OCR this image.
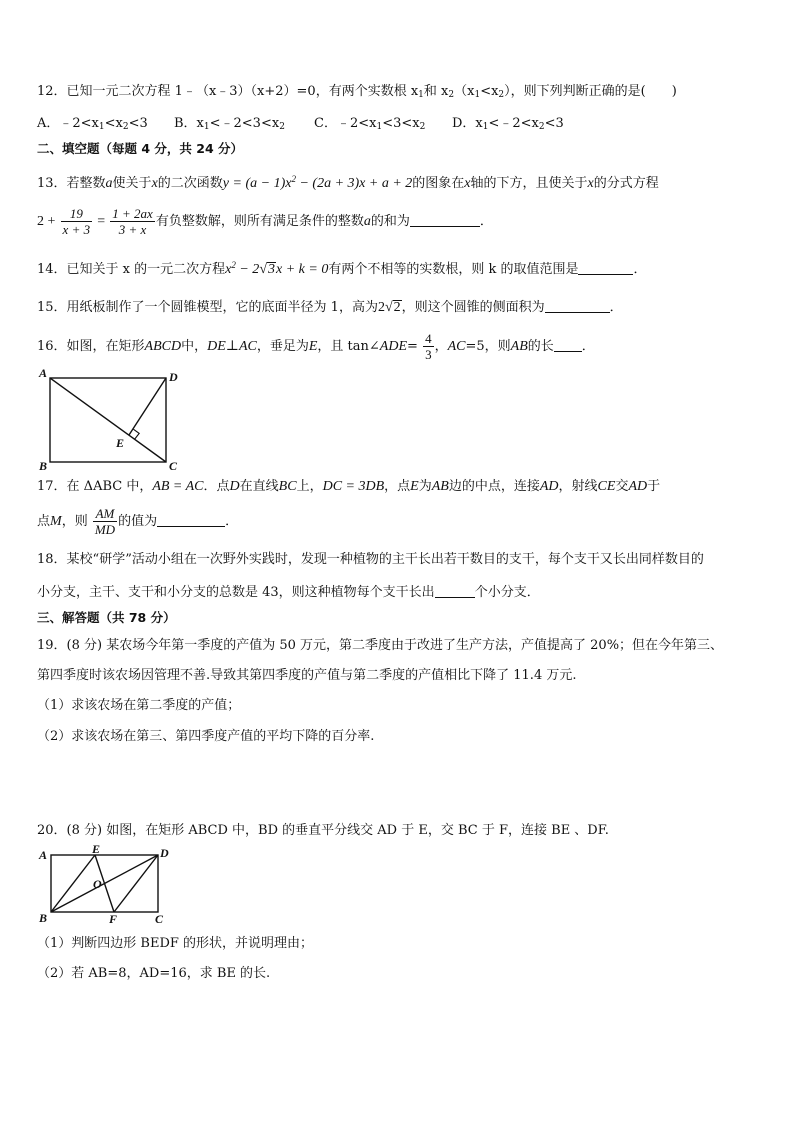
12．已知一元二次方程 1﹣（x﹣3）（x+2）=0，有两个实数根 $x_1$和 $x_2(x_1<x_2)$，则下列判断正确的是(　　)
A．$﹣2<x_1<x_2<3$ B．$x_1<﹣2<3<x_2$ C．$﹣2<x_1<3<x_2$ D．$x_1<﹣2<x_2<3$
二、填空题（每题 4 分，共 24 分）
13．若整数a使关于x的二次函数$y = (a - 1)x^2 - (2a + 3)x + a + 2$的图象在x轴的下方，且使关于x的分式方程
$2 + \frac{19}{x + 3} = \frac{1 + 2ax}{3 + x}$ 有负整数解，则所有满足条件的整数a的和为	．
14．已知关于 x 的一元二次方程$x^2 - 2√3x + k = 0$有两个不相等的实数根，则 k 的取值范围是	．
15．用纸板制作了一个圆锥模型，它的底面半径为 1，高为2√2，则这个圆锥的侧面积为	．
16．如图，在矩形ABCD中，DE⊥AC，垂足为E，且 tan∠ADE= $\frac{4}{3}$ ，AC=5，则AB的长 ．
A
B	C
D
E
17．在 ΔABC 中，AB = AC．点D在直线BC上，DC = 3DB，点E为AB边的中点，连接AD，射线CE交AD于
点M，则 $\frac{AM}{MD}$ 的值为	．
18．某校“研学”活动小组在一次野外实践时，发现一种植物的主干长出若干数目的支干，每个支干又长出同样数目的
小分支，主干、支干和小分支的总数是 43，则这种植物每个支干长出	个小分支．
三、解答题（共 78 分）
19．(8 分) 某农场今年第一季度的产值为 50 万元，第二季度由于改进了生产方法，产值提高了 20%；但在今年第三、
第四季度时该农场因管理不善.导致其第四季度的产值与第二季度的产值相比下降了 11.4 万元.
（1）求该农场在第二季度的产值；
（2）求该农场在第三、第四季度产值的平均下降的百分率.
20．(8 分) 如图，在矩形 ABCD 中，BD 的垂直平分线交 AD 于 E，交 BC 于 F，连接 BE 、DF.
A	E	D
B	F	C
O
（1）判断四边形 BEDF 的形状，并说明理由；
（2）若 AB=8，AD=16，求 BE 的长.
